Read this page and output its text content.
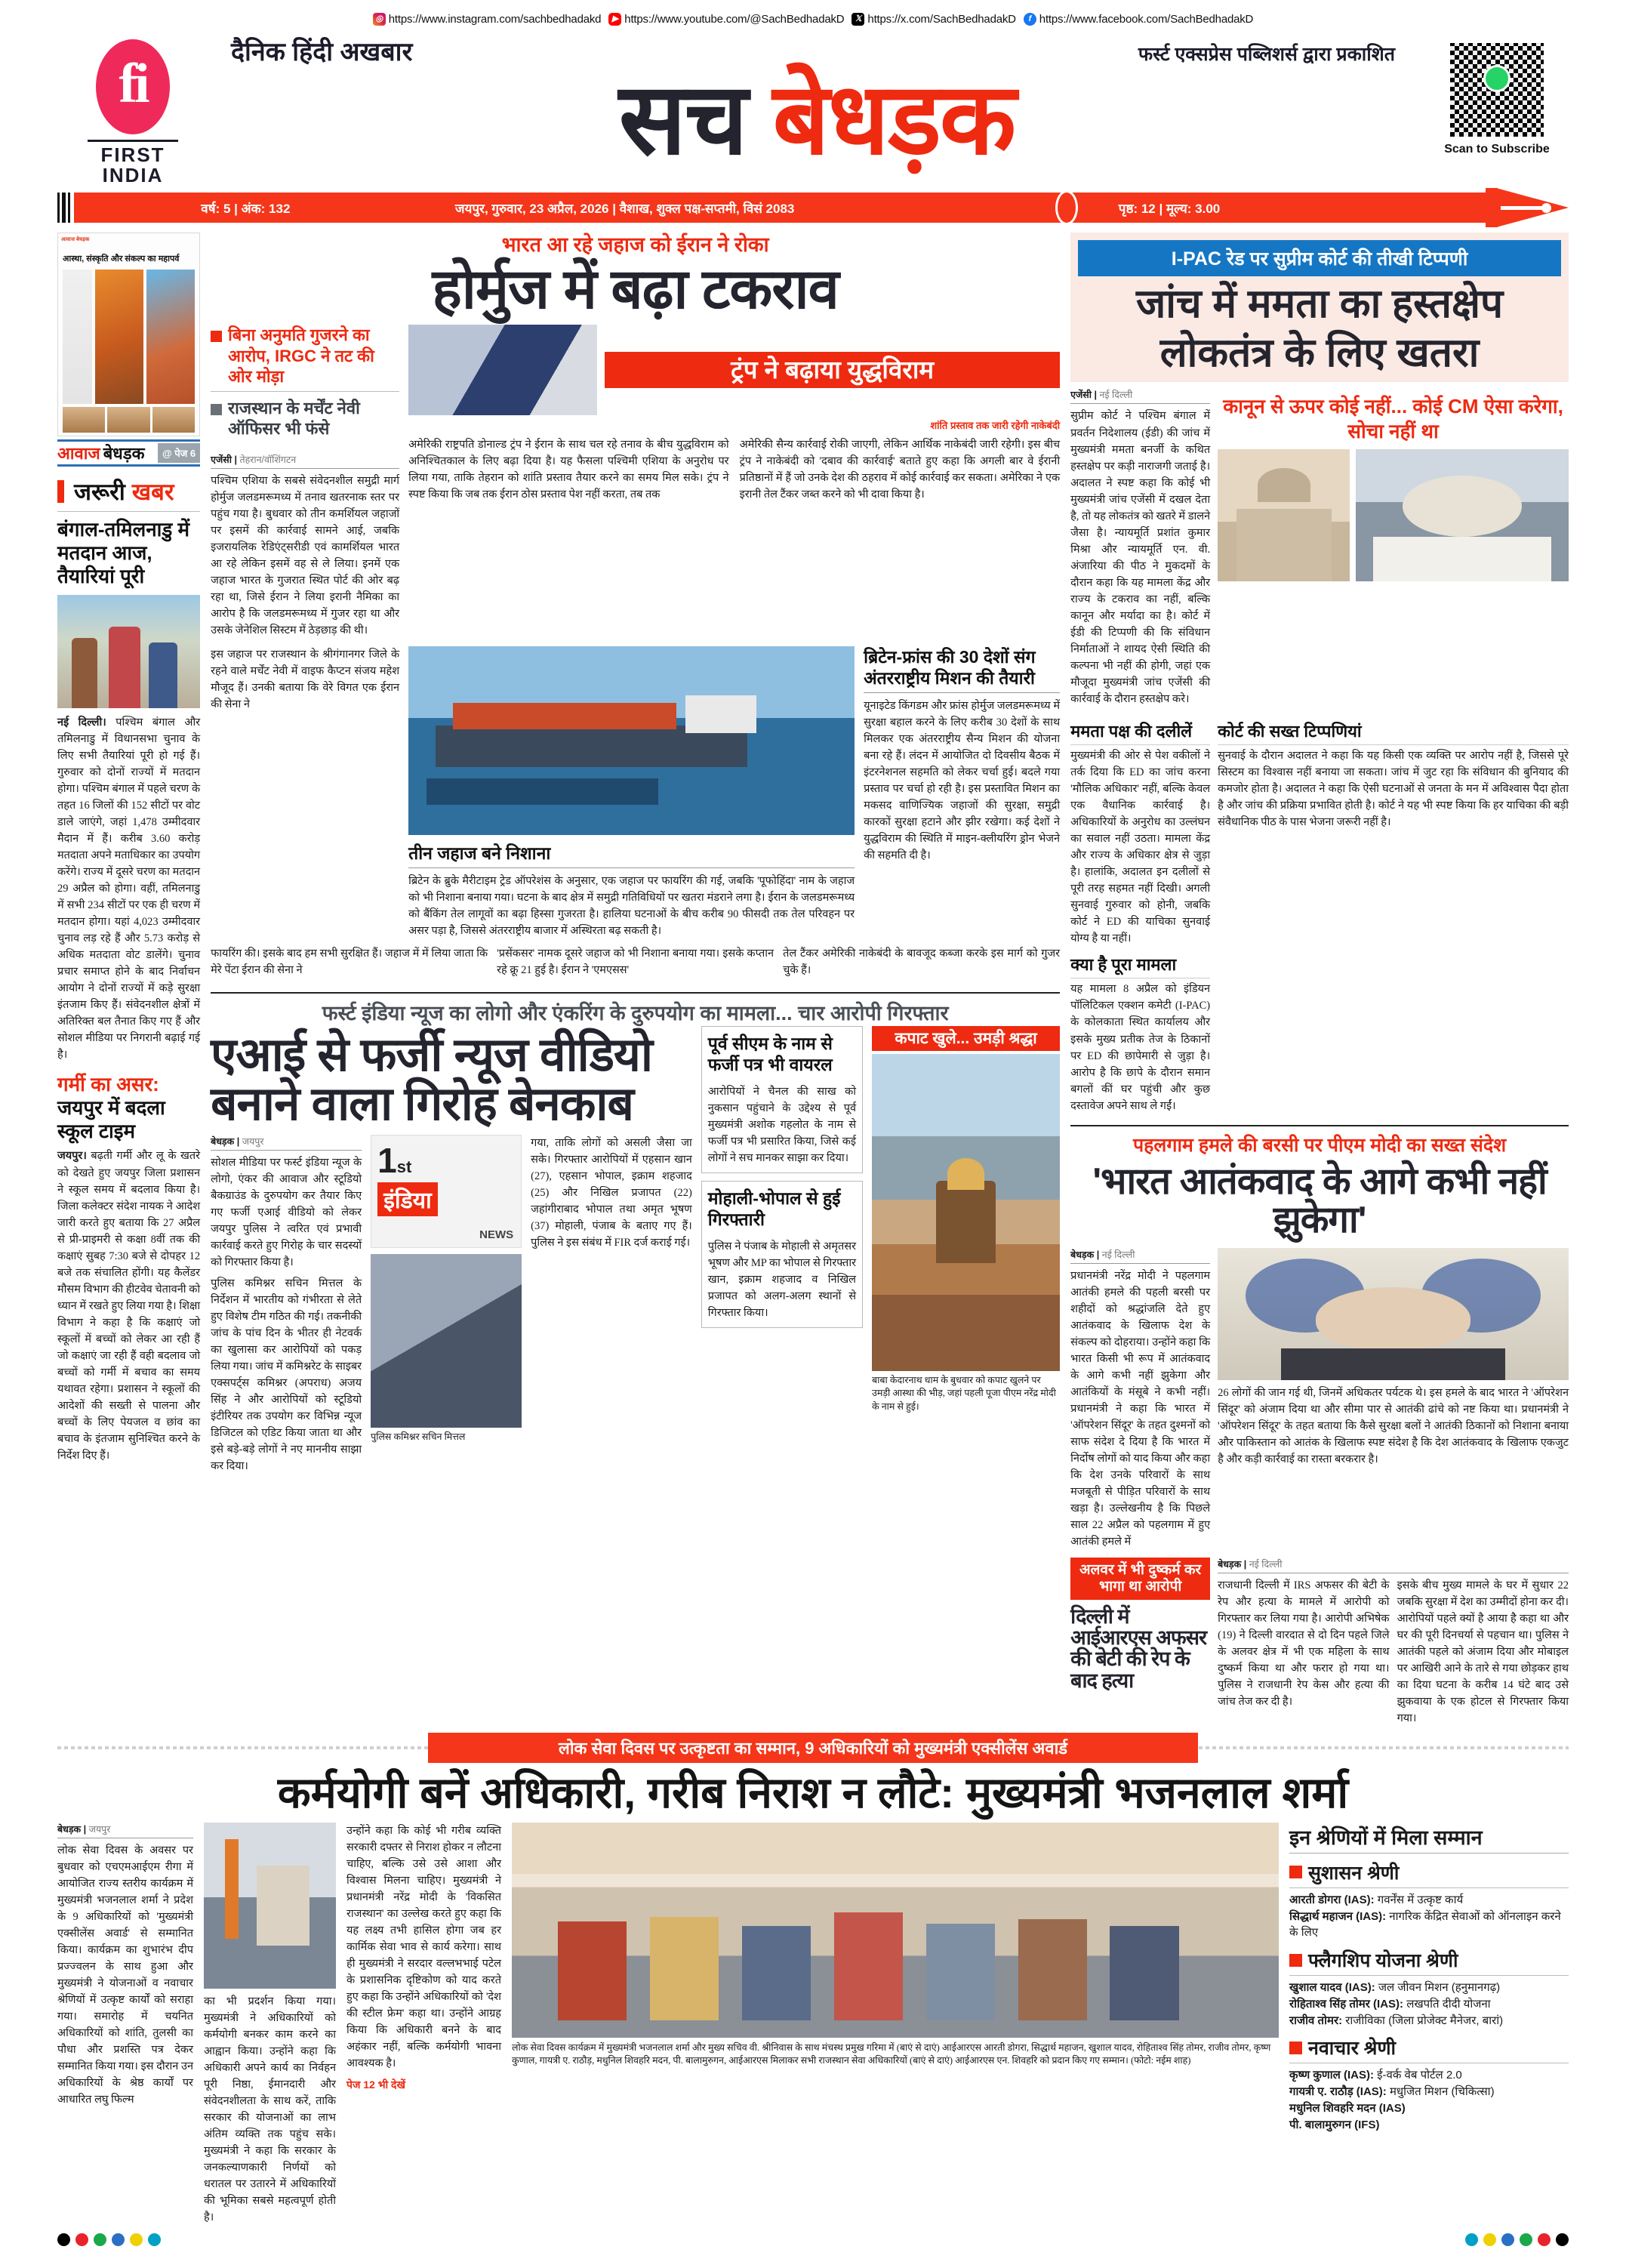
◎ https://www.instagram.com/sachbedhadakd	▶ https://www.youtube.com/@SachBedhadakD	𝕏 https://x.com/SachBedhadakD	f https://www.facebook.com/SachBedhadakD
fi
FIRST
INDIA
दैनिक हिंदी अखबार	फर्स्ट एक्सप्रेस पब्लिशर्स द्वारा प्रकाशित
सच बेधड़क	Scan to Subscribe
वर्ष: 5 | अंक: 132	जयपुर, गुरुवार, 23 अप्रैल, 2026 | वैशाख, शुक्ल पक्ष-सप्तमी, विसं 2083	पृष्ठ: 12 | मूल्य: 3.00
आवाज बेधड़क
आस्था, संस्कृति और संकल्प का महापर्व
आवाज बेधड़क	@ पेज 6
जरूरी खबर
बंगाल-तमिलनाडु में मतदान आज, तैयारियां पूरी
नई दिल्ली। पश्चिम बंगाल और तमिलनाडु में विधानसभा चुनाव के लिए सभी तैयारियां पूरी हो गई हैं। गुरुवार को दोनों राज्यों में मतदान होगा। पश्चिम बंगाल में पहले चरण के तहत 16 जिलों की 152 सीटों पर वोट डाले जाएंगे, जहां 1,478 उम्मीदवार मैदान में हैं। करीब 3.60 करोड़ मतदाता अपने मताधिकार का उपयोग करेंगे। राज्य में दूसरे चरण का मतदान 29 अप्रैल को होगा। वहीं, तमिलनाडु में सभी 234 सीटों पर एक ही चरण में मतदान होगा। यहां 4,023 उम्मीदवार चुनाव लड़ रहे हैं और 5.73 करोड़ से अधिक मतदाता वोट डालेंगे। चुनाव प्रचार समाप्त होने के बाद निर्वाचन आयोग ने दोनों राज्यों में कड़े सुरक्षा इंतजाम किए हैं। संवेदनशील क्षेत्रों में अतिरिक्त बल तैनात किए गए हैं और सोशल मीडिया पर निगरानी बढ़ाई गई है।
गर्मी का असर:
जयपुर में बदला स्कूल टाइम
जयपुर। बढ़ती गर्मी और लू के खतरे को देखते हुए जयपुर जिला प्रशासन ने स्कूल समय में बदलाव किया है। जिला कलेक्टर संदेश नायक ने आदेश जारी करते हुए बताया कि 27 अप्रैल से प्री-प्राइमरी से कक्षा 8वीं तक की कक्षाएं सुबह 7:30 बजे से दोपहर 12 बजे तक संचालित होंगी। यह कैलेंडर मौसम विभाग की हीटवेव चेतावनी को ध्यान में रखते हुए लिया गया है। शिक्षा विभाग ने कहा है कि कक्षाएं जो स्कूलों में बच्चों को लेकर आ रही हैं जो कक्षाएं जा रही हैं वही बदलाव जो बच्चों को गर्मी में बचाव का समय यथावत रहेगा। प्रशासन ने स्कूलों की आदेशों की सख्ती से पालना और बच्चों के लिए पेयजल व छांव का बचाव के इंतजाम सुनिश्चित करने के निर्देश दिए हैं।
भारत आ रहे जहाज को ईरान ने रोका
होर्मुज में बढ़ा टकराव
बिना अनुमति गुजरने का आरोप, IRGC ने तट की ओर मोड़ा
राजस्थान के मर्चेंट नेवी ऑफिसर भी फंसे
एजेंसी | तेहरान/वॉशिंगटन
पश्चिम एशिया के सबसे संवेदनशील समुद्री मार्ग होर्मुज जलडमरूमध्य में तनाव खतरनाक स्तर पर पहुंच गया है। बुधवार को तीन कमर्शियल जहाजों पर इसमें की कार्रवाई सामने आई, जबकि इजरायलिक रेडिएंट्सरीडी एवं कामर्शियल भारत आ रहे लेकिन इसमें वह से ले लिया। इनमें एक जहाज भारत के गुजरात स्थित पोर्ट की ओर बढ़ रहा था, जिसे ईरान ने लिया इरानी नैमिका का आरोप है कि जलडमरूमध्य में गुजर रहा था और उसके जेनेशिल सिस्टम में ठेड़छाड़ की थी।
ट्रंप ने बढ़ाया युद्धविराम
शांति प्रस्ताव तक जारी रहेगी नाकेबंदी
अमेरिकी राष्ट्रपति डोनाल्ड ट्रंप ने ईरान के साथ चल रहे तनाव के बीच युद्धविराम को अनिश्चितकाल के लिए बढ़ा दिया है। यह फैसला पश्चिमी एशिया के अनुरोध पर लिया गया, ताकि तेहरान को शांति प्रस्ताव तैयार करने का समय मिल सके। ट्रंप ने स्पष्ट किया कि जब तक ईरान ठोस प्रस्ताव पेश नहीं करता, तब तक
अमेरिकी सैन्य कार्रवाई रोकी जाएगी, लेकिन आर्थिक नाकेबंदी जारी रहेगी। इस बीच ट्रंप ने नाकेबंदी को 'दबाव की कार्रवाई' बताते हुए कहा कि अगली बार वे ईरानी प्रतिष्ठानों में हैं जो उनके देश की ठहराव में कोई कार्रवाई कर सकता। अमेरिका ने एक इरानी तेल टैंकर जब्त करने को भी दावा किया है।
इस जहाज पर राजस्थान के श्रीगंगानगर जिले के रहने वाले मर्चेंट नेवी में वाइफ कैप्टन संजय महेश मौजूद हैं। उनकी बताया कि वेरे विगत एक ईरान की सेना ने
तीन जहाज बने निशाना
ब्रिटेन के ब्रुके मैरीटाइम ट्रेड ऑपरेशंस के अनुसार, एक जहाज पर फायरिंग की गई, जबकि 'पूफोहिंदा' नाम के जहाज को भी निशाना बनाया गया। घटना के बाद क्षेत्र में समुद्री गतिविधियों पर खतरा मंडराने लगा है। ईरान के जलडमरूमध्य को बैंकिंग तेल लागूवों का बढ़ा हिस्सा गुजरता है। हालिया घटनाओं के बीच करीब 90 फीसदी तक तेल परिवहन पर असर पड़ा है, जिससे अंतरराष्ट्रीय बाजार में अस्थिरता बढ़ सकती है।
ब्रिटेन-फ्रांस की 30 देशों संग अंतरराष्ट्रीय मिशन की तैयारी
यूनाइटेड किंगडम और फ्रांस होर्मुज जलडमरूमध्य में सुरक्षा बहाल करने के लिए करीब 30 देशों के साथ मिलकर एक अंतरराष्ट्रीय सैन्य मिशन की योजना बना रहे हैं। लंदन में आयोजित दो दिवसीय बैठक में इंटरनेशनल सहमति को लेकर चर्चा हुई। बदले गया प्रस्ताव पर चर्चा हो रही है। इस प्रस्तावित मिशन का मकसद वाणिज्यिक जहाजों की सुरक्षा, समुद्री कारकों सुरक्षा हटाने और झीर रखेगा। कई देशों ने युद्धविराम की स्थिति में माइन-क्लीयरिंग ड्रोन भेजने की सहमति दी है।
फायरिंग की। इसके बाद हम सभी सुरक्षित हैं। जहाज में में लिया जाता कि मेरे पेंटा ईरान की सेना ने
'प्रसेंकसर' नामक दूसरे जहाज को भी निशाना बनाया गया। इसके कप्तान रहे क्रू 21 हुई है। ईरान ने 'एमएसस'
तेल टैंकर अमेरिकी नाकेबंदी के बावजूद कब्जा करके इस मार्ग को गुजर चुके हैं।
फर्स्ट इंडिया न्यूज का लोगो और एंकरिंग के दुरुपयोग का मामला... चार आरोपी गिरफ्तार
एआई से फर्जी न्यूज वीडियो बनाने वाला गिरोह बेनकाब
बेधड़क | जयपुर
सोशल मीडिया पर फर्स्ट इंडिया न्यूज के लोगो, एंकर की आवाज और स्टूडियो बैकग्राउंड के दुरुपयोग कर तैयार किए गए फर्जी एआई वीडियो को लेकर जयपुर पुलिस ने त्वरित एवं प्रभावी कार्रवाई करते हुए गिरोह के चार सदस्यों को गिरफ्तार किया है।
पुलिस कमिश्नर सचिन मित्तल के निर्देशन में भारतीय को गंभीरता से लेते हुए विशेष टीम गठित की गई। तकनीकी जांच के पांच दिन के भीतर ही नेटवर्क का खुलासा कर आरोपियों को पकड़ लिया गया। जांच में कमिश्नरेट के साइबर एक्सपर्ट्स कमिश्नर (अपराध) अजय सिंह ने और आरोपियों को स्टूडियो इंटीरियर तक उपयोग कर विभिन्न न्यूज डिजिटल को एडिट किया जाता था और इसे बड़े-बड़े लोगों ने नए माननीय साझा कर दिया।
1st
इंडिया
NEWS
पुलिस कमिश्नर सचिन मित्तल
गया, ताकि लोगों को असली जैसा जा सके। गिरफ्तार आरोपियों में एहसान खान (27), एहसान भोपाल, इक्राम शहजाद (25) और निखिल प्रजापत (22) जहांगीराबाद भोपाल तथा अमृत भूषण (37) मोहाली, पंजाब के बताए गए हैं। पुलिस ने इस संबंध में FIR दर्ज कराई गई।
पूर्व सीएम के नाम से फर्जी पत्र भी वायरल
आरोपियों ने चैनल की साख को नुकसान पहुंचाने के उद्देश्य से पूर्व मुख्यमंत्री अशोक गहलोत के नाम से फर्जी पत्र भी प्रसारित किया, जिसे कई लोगों ने सच मानकर साझा कर दिया।
मोहाली-भोपाल से हुई गिरफ्तारी
पुलिस ने पंजाब के मोहाली से अमृतसर भूषण और MP का भोपाल से गिरफ्तार खान, इक्राम शहजाद व निखिल प्रजापत को अलग-अलग स्थानों से गिरफ्तार किया।
कपाट खुले... उमड़ी श्रद्धा
बाबा केदारनाथ धाम के बुधवार को कपाट खुलने पर उमड़ी आस्था की भीड़, जहां पहली पूजा पीएम नरेंद्र मोदी के नाम से हुई।
I-PAC रेड पर सुप्रीम कोर्ट की तीखी टिप्पणी
जांच में ममता का हस्तक्षेप
लोकतंत्र के लिए खतरा
एजेंसी | नई दिल्ली
सुप्रीम कोर्ट ने पश्चिम बंगाल में प्रवर्तन निदेशालय (ईडी) की जांच में मुख्यमंत्री ममता बनर्जी के कथित हस्तक्षेप पर कड़ी नाराजगी जताई है। अदालत ने स्पष्ट कहा कि कोई भी मुख्यमंत्री जांच एजेंसी में दखल देता है, तो यह लोकतंत्र को खतरे में डालने जैसा है। न्यायमूर्ति प्रशांत कुमार मिश्रा और न्यायमूर्ति एन. वी. अंजारिया की पीठ ने मुकदमों के दौरान कहा कि यह मामला केंद्र और राज्य के टकराव का नहीं, बल्कि कानून और मर्यादा का है। कोर्ट में ईडी की टिप्पणी की कि संविधान निर्माताओं ने शायद ऐसी स्थिति की कल्पना भी नहीं की होगी, जहां एक मौजूदा मुख्यमंत्री जांच एजेंसी की कार्रवाई के दौरान हस्तक्षेप करे।
कानून से ऊपर कोई नहीं... कोई CM ऐसा करेगा, सोचा नहीं था
ममता पक्ष की दलीलें
मुख्यमंत्री की ओर से पेश वकीलों ने तर्क दिया कि ED का जांच करना 'मौलिक अधिकार' नहीं, बल्कि केवल एक वैधानिक कार्रवाई है। अधिकारियों के अनुरोध का उल्लंघन का सवाल नहीं उठता। मामला केंद्र और राज्य के अधिकार क्षेत्र से जुड़ा है। हालांकि, अदालत इन दलीलों से पूरी तरह सहमत नहीं दिखी। अगली सुनवाई गुरुवार को होनी, जबकि कोर्ट ने ED की याचिका सुनवाई योग्य है या नहीं।
क्या है पूरा मामला
यह मामला 8 अप्रैल को इंडियन पॉलिटिकल एक्शन कमेटी (I-PAC) के कोलकाता स्थित कार्यालय और इसके मुख्य प्रतीक तेज के ठिकानों पर ED की छापेमारी से जुड़ा है। आरोप है कि छापे के दौरान समान बगलों कीं घर पहुंची और कुछ दस्तावेज अपने साथ ले गईं।
कोर्ट की सख्त टिप्पणियां
सुनवाई के दौरान अदालत ने कहा कि यह किसी एक व्यक्ति पर आरोप नहीं है, जिससे पूरे सिस्टम का विश्वास नहीं बनाया जा सकता। जांच में जुट रहा कि संविधान की बुनियाद की कमजोर होता है। अदालत ने कहा कि ऐसी घटनाओं से जनता के मन में अविश्वास पैदा होता है और जांच की प्रक्रिया प्रभावित होती है। कोर्ट ने यह भी स्पष्ट किया कि हर याचिका की बड़ी संवैधानिक पीठ के पास भेजना जरूरी नहीं है।
पहलगाम हमले की बरसी पर पीएम मोदी का सख्त संदेश
'भारत आतंकवाद के आगे कभी नहीं झुकेगा'
बेधड़क | नई दिल्ली
प्रधानमंत्री नरेंद्र मोदी ने पहलगाम आतंकी हमले की पहली बरसी पर शहीदों को श्रद्धांजलि देते हुए आतंकवाद के खिलाफ देश के संकल्प को दोहराया। उन्होंने कहा कि भारत किसी भी रूप में आतंकवाद के आगे कभी नहीं झुकेगा और आतंकियों के मंसूबे ने कभी नहीं। प्रधानमंत्री ने कहा कि भारत में 'ऑपरेशन सिंदूर' के तहत दुश्मनों को साफ संदेश दे दिया है कि भारत में निर्दोष लोगों को याद किया और कहा कि देश उनके परिवारों के साथ मजबूती से पीड़ित परिवारों के साथ खड़ा है। उल्लेखनीय है कि पिछले साल 22 अप्रैल को पहलगाम में हुए आतंकी हमले में
26 लोगों की जान गई थी, जिनमें अधिकतर पर्यटक थे। इस हमले के बाद भारत ने 'ऑपरेशन सिंदूर' को अंजाम दिया था और सीमा पार से आतंकी ढांचे को नष्ट किया था। प्रधानमंत्री ने 'ऑपरेशन सिंदूर' के तहत बताया कि कैसे सुरक्षा बलों ने आतंकी ठिकानों को निशाना बनाया और पाकिस्तान को आतंक के खिलाफ स्पष्ट संदेश है कि देश आतंकवाद के खिलाफ एकजुट है और कड़ी कार्रवाई का रास्ता बरकरार है।
अलवर में भी दुष्कर्म कर भागा था आरोपी
दिल्ली में आईआरएस अफसर की बेटी की रेप के बाद हत्या
बेधड़क | नई दिल्ली
राजधानी दिल्ली में IRS अफसर की बेटी के रेप और हत्या के मामले में आरोपी को गिरफ्तार कर लिया गया है। आरोपी अभिषेक (19) ने दिल्ली वारदात से दो दिन पहले जिले के अलवर क्षेत्र में भी एक महिला के साथ दुष्कर्म किया था और फरार हो गया था। पुलिस ने राजधानी रेप केस और हत्या की जांच तेज कर दी है।
इसके बीच मुख्य मामले के घर में सुधार 22 जबकि सुरक्षा में देश का उम्मीदों होना कर दी। आरोपियों पहले क्यों है आया है कहा था और घर की पूरी दिनचर्या से पहचान था। पुलिस ने आतंकी पहले को अंजाम दिया और मोबाइल पर आखिरी आने के तारे से गया छोड़कर हाथ का दिया घटना के करीब 14 घंटे बाद उसे झुकवाया के एक होटल से गिरफ्तार किया गया।
लोक सेवा दिवस पर उत्कृष्टता का सम्मान, 9 अधिकारियों को मुख्यमंत्री एक्सीलेंस अवार्ड
कर्मयोगी बनें अधिकारी, गरीब निराश न लौटे: मुख्यमंत्री भजनलाल शर्मा
बेधड़क | जयपुर
लोक सेवा दिवस के अवसर पर बुधवार को एचएमआईएम रीगा में आयोजित राज्य स्तरीय कार्यक्रम में मुख्यमंत्री भजनलाल शर्मा ने प्रदेश के 9 अधिकारियों को 'मुख्यमंत्री एक्सीलेंस अवार्ड' से सम्मानित किया। कार्यक्रम का शुभारंभ दीप प्रज्ज्वलन के साथ हुआ और मुख्यमंत्री ने योजनाओं व नवाचार श्रेणियों में उत्कृष्ट कार्यों को सराहा गया। समारोह में चयनित अधिकारियों को शांति, तुलसी का पौधा और प्रशस्ति पत्र देकर सम्मानित किया गया। इस दौरान उन अधिकारियों के श्रेष्ठ कार्यों पर आधारित लघु फिल्म
का भी प्रदर्शन किया गया। मुख्यमंत्री ने अधिकारियों को कर्मयोगी बनकर काम करने का आह्वान किया। उन्होंने कहा कि अधिकारी अपने कार्य का निर्वहन पूरी निष्ठा, ईमानदारी और संवेदनशीलता के साथ करें, ताकि सरकार की योजनाओं का लाभ अंतिम व्यक्ति तक पहुंच सके। मुख्यमंत्री ने कहा कि सरकार के जनकल्याणकारी निर्णयों को धरातल पर उतारने में अधिकारियों की भूमिका सबसे महत्वपूर्ण होती है।
उन्होंने कहा कि कोई भी गरीब व्यक्ति सरकारी दफ्तर से निराश होकर न लौटना चाहिए, बल्कि उसे उसे आशा और विश्वास मिलना चाहिए। मुख्यमंत्री ने प्रधानमंत्री नरेंद्र मोदी के 'विकसित राजस्थान' का उल्लेख करते हुए कहा कि यह लक्ष्य तभी हासिल होगा जब हर कार्मिक सेवा भाव से कार्य करेगा। साथ ही मुख्यमंत्री ने सरदार वल्लभभाई पटेल के प्रशासनिक दृष्टिकोण को याद करते हुए कहा कि उन्होंने अधिकारियों को 'देश की स्टील फ्रेम' कहा था। उन्होंने आग्रह किया कि अधिकारी बनने के बाद अहंकार नहीं, बल्कि कर्मयोगी भावना आवश्यक है।
पेज 12 भी देखें
लोक सेवा दिवस कार्यक्रम में मुख्यमंत्री भजनलाल शर्मा और मुख्य सचिव वी. श्रीनिवास के साथ मंचस्थ प्रमुख गरिमा में (बाएं से दाएं) आईआरएस आरती डोगरा, सिद्धार्थ महाजन, खुशाल यादव, रोहिताश्व सिंह तोमर, राजीव तोमर, कृष्ण कुणाल, गायत्री ए. राठौड़, मधुनिल शिवहरि मदन, पी. बालामुरुगन, आईआरएस मिलाकर सभी राजस्थान सेवा अधिकारियों (बाएं से दाएं) आईआरएस एन. शिवहरि को प्रदान किए गए सम्मान। (फोटो: नईम शाह)
इन श्रेणियों में मिला सम्मान
सुशासन श्रेणी
आरती डोगरा (IAS): गवर्नेंस में उत्कृष्ट कार्य
सिद्धार्थ महाजन (IAS): नागरिक केंद्रित सेवाओं को ऑनलाइन करने के लिए
फ्लैगशिप योजना श्रेणी
खुशाल यादव (IAS): जल जीवन मिशन (हनुमानगढ़)
रोहिताश्व सिंह तोमर (IAS): लखपति दीदी योजना
राजीव तोमर: राजीविका (जिला प्रोजेक्ट मैनेजर, बारां)
नवाचार श्रेणी
कृष्ण कुणाल (IAS): ई-वर्क वेब पोर्टल 2.0
गायत्री ए. राठौड़ (IAS): मधुजित मिशन (चिकित्सा)
मधुनिल शिवहरि मदन (IAS)
पी. बालामुरुगन (IFS)
